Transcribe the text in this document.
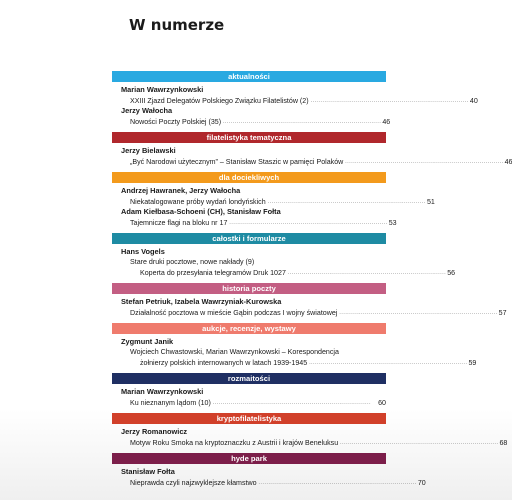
W numerze
aktualności
Marian Wawrzynkowski
XXIII Zjazd Delegatów Polskiego Związku Filatelistów (2) . . .	40
Jerzy Wałocha
Nowości Poczty Polskiej (35) . . .	46
filatelistyka tematyczna
Jerzy Bielawski
„Być Narodowi użytecznym” – Stanisław Staszic w pamięci Polaków . . .	46
dla dociekliwych
Andrzej Hawranek, Jerzy Wałocha
Niekatalogowane próby wydań londyńskich . . .	51
Adam Kiełbasa-Schoeni (CH), Stanisław Fołta
Tajemnicze flagi na bloku nr 17 . . .	53
całostki i formularze
Hans Vogels
Stare druki pocztowe, nowe nakłady (9)
Koperta do przesyłania telegramów Druk 1027 . . .	56
historia poczty
Stefan Petriuk, Izabela Wawrzyniak-Kurowska
Działalność pocztowa w mieście Gąbin podczas I wojny światowej . . .	57
aukcje, recenzje, wystawy
Zygmunt Janik
Wojciech Chwastowski, Marian Wawrzynkowski – Korespondencja
żołnierzy polskich internowanych w latach 1939-1945 . . .	59
rozmaitości
Marian Wawrzynkowski
Ku nieznanym lądom (10) . . .	60
kryptofilatelistyka
Jerzy Romanowicz
Motyw Roku Smoka na kryptoznaczku z Austrii i krajów Beneluksu . . .	68
hyde park
Stanisław Fołta
Nieprawda czyli najzwyklejsze kłamstwo . . .	70
